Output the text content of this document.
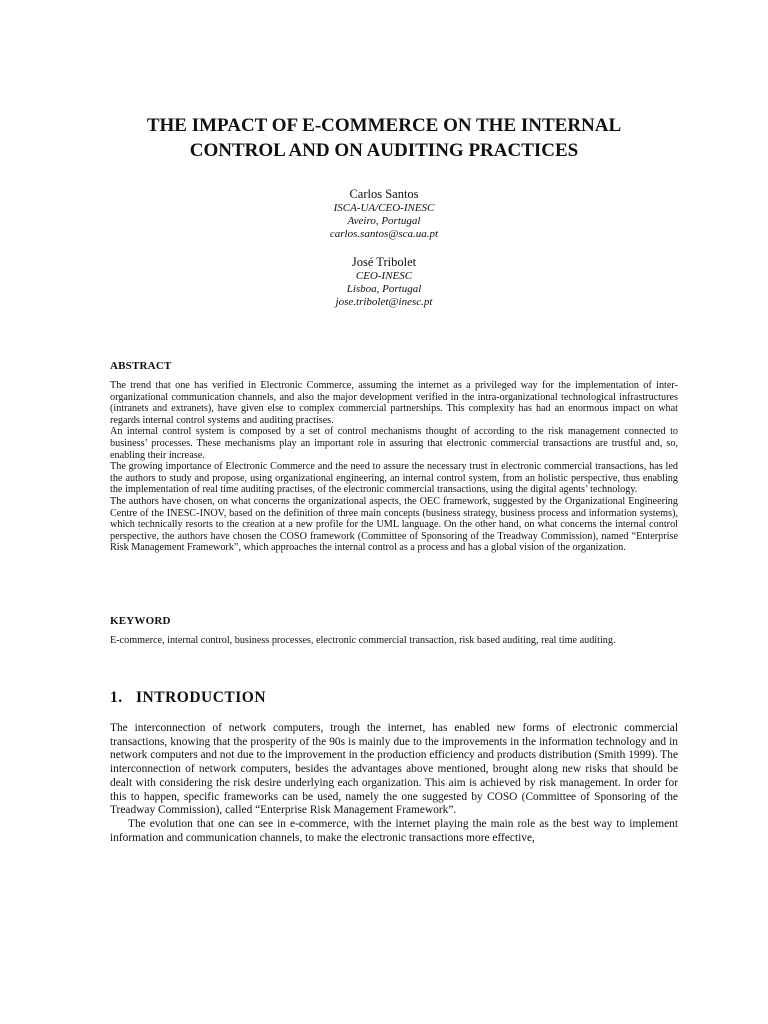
THE IMPACT OF E-COMMERCE ON THE INTERNAL
CONTROL AND ON AUDITING PRACTICES
Carlos Santos
ISCA-UA/CEO-INESC
Aveiro, Portugal
carlos.santos@sca.ua.pt
José Tribolet
CEO-INESC
Lisboa, Portugal
jose.tribolet@inesc.pt
ABSTRACT

The trend that one has verified in Electronic Commerce, assuming the internet as a privileged way for the implementation of inter-organizational communication channels, and also the major development verified in the intra-organizational technological infrastructures (intranets and extranets), have given else to complex commercial partnerships. This complexity has had an enormous impact on what regards internal control systems and auditing practises.

An internal control system is composed by a set of control mechanisms thought of according to the risk management connected to business’ processes. These mechanisms play an important role in assuring that electronic commercial transactions are trustful and, so, enabling their increase.

The growing importance of Electronic Commerce and the need to assure the necessary trust in electronic commercial transactions, has led the authors to study and propose, using organizational engineering, an internal control system, from an holistic perspective, thus enabling the implementation of real time auditing practises, of the electronic commercial transactions, using the digital agents’ technology.

The authors have chosen, on what concerns the organizational aspects, the OEC framework, suggested by the Organizational Engineering Centre of the INESC-INOV, based on the definition of three main concepts (business strategy, business process and information systems), which technically resorts to the creation at a new profile for the UML language. On the other hand, on what concerns the internal control perspective, the authors have chosen the COSO framework (Committee of Sponsoring of the Treadway Commission), named “Enterprise Risk Management Framework”, which approaches the internal control as a process and has a global vision of the organization.

KEYWORD

E-commerce, internal control, business processes, electronic commercial transaction, risk based auditing, real time auditing.

1. INTRODUCTION

The interconnection of network computers, trough the internet, has enabled new forms of electronic commercial transactions, knowing that the prosperity of the 90s is mainly due to the improvements in the information technology and in network computers and not due to the improvement in the production efficiency and products distribution (Smith 1999). The interconnection of network computers, besides the advantages above mentioned, brought along new risks that should be dealt with considering the risk desire underlying each organization. This aim is achieved by risk management. In order for this to happen, specific frameworks can be used, namely the one suggested by COSO (Committee of Sponsoring of the Treadway Commission), called “Enterprise Risk Management Framework”.

The evolution that one can see in e-commerce, with the internet playing the main role as the best way to implement information and communication channels, to make the electronic transactions more effective,
